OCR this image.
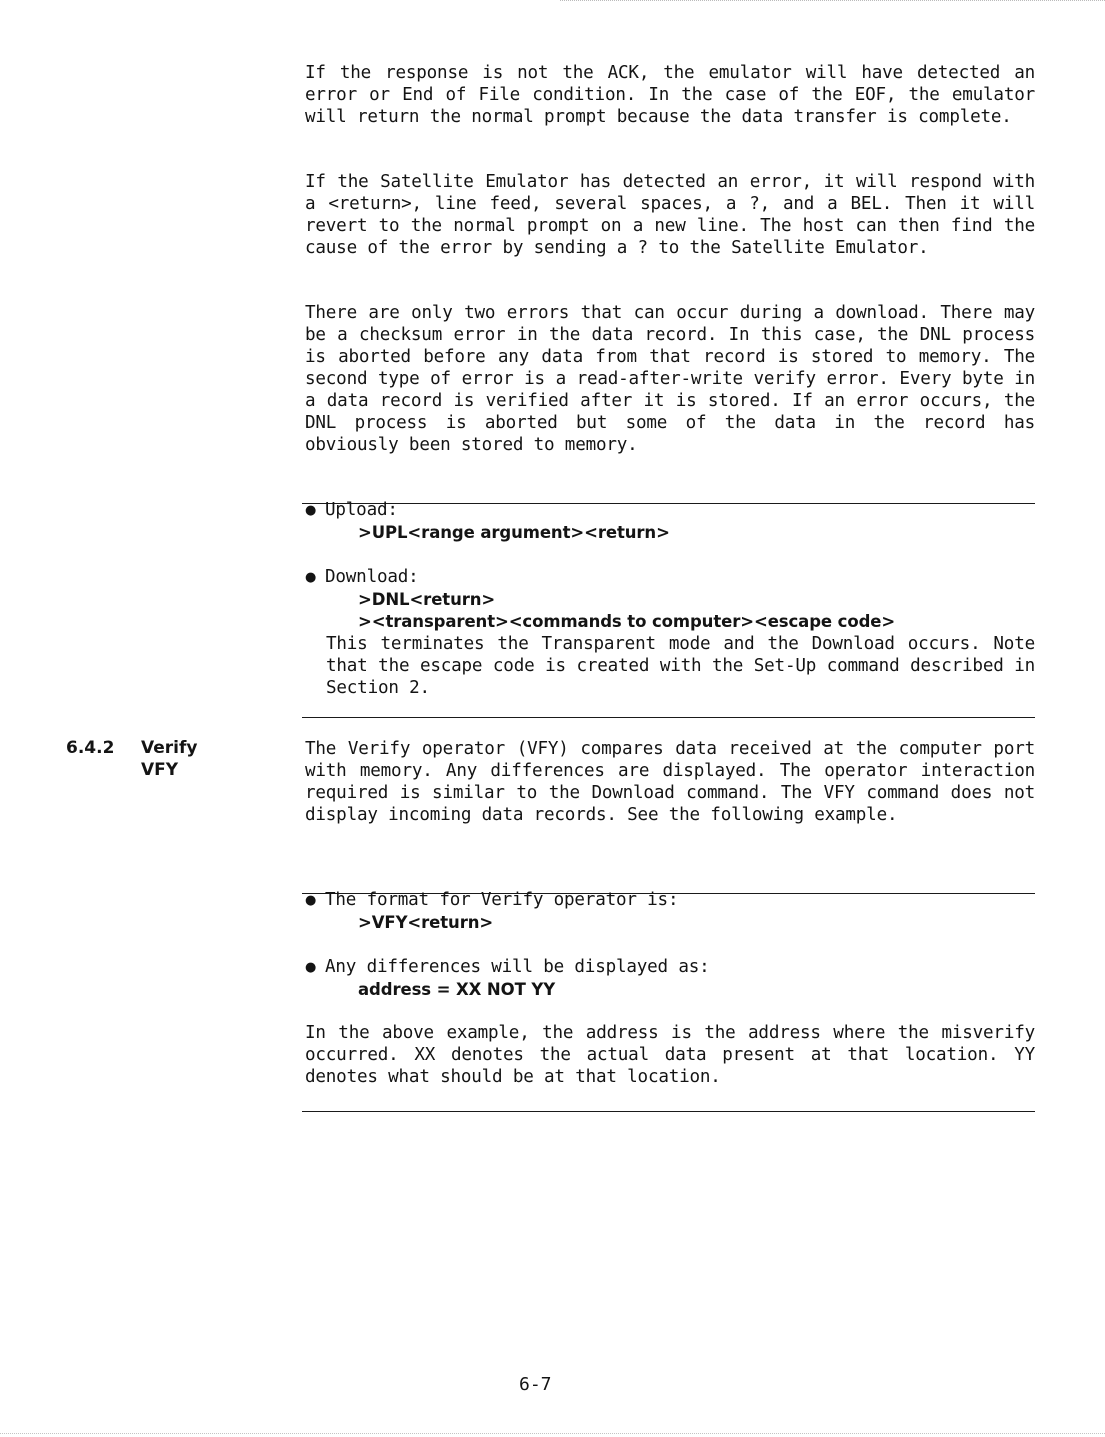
If the response is not the ACK, the emulator will have detected an error or End of File condition. In the case of the EOF, the emulator will return the normal prompt because the data transfer is complete.

If the Satellite Emulator has detected an error, it will respond with a <return>, line feed, several spaces, a ?, and a BEL. Then it will revert to the normal prompt on a new line. The host can then find the cause of the error by sending a ? to the Satellite Emulator.

There are only two errors that can occur during a download. There may be a checksum error in the data record. In this case, the DNL process is aborted before any data from that record is stored to memory. The second type of error is a read-after-write verify error. Every byte in a data record is verified after it is stored. If an error occurs, the DNL process is aborted but some of the data in the record has obviously been stored to memory.

● Upload:
>UPL<range argument><return>
● Download:
>DNL<return>
><transparent><commands to computer><escape code>
This terminates the Transparent mode and the Download occurs. Note that the escape code is created with the Set-Up command described in Section 2.
6.4.2 Verify
VFY

The Verify operator (VFY) compares data received at the computer port with memory. Any differences are displayed. The operator interaction required is similar to the Download command. The VFY command does not display incoming data records. See the following example.

● The format for Verify operator is:
>VFY<return>
● Any differences will be displayed as:
address = XX NOT YY

In the above example, the address is the address where the misverify occurred. XX denotes the actual data present at that location. YY denotes what should be at that location.

6-7
